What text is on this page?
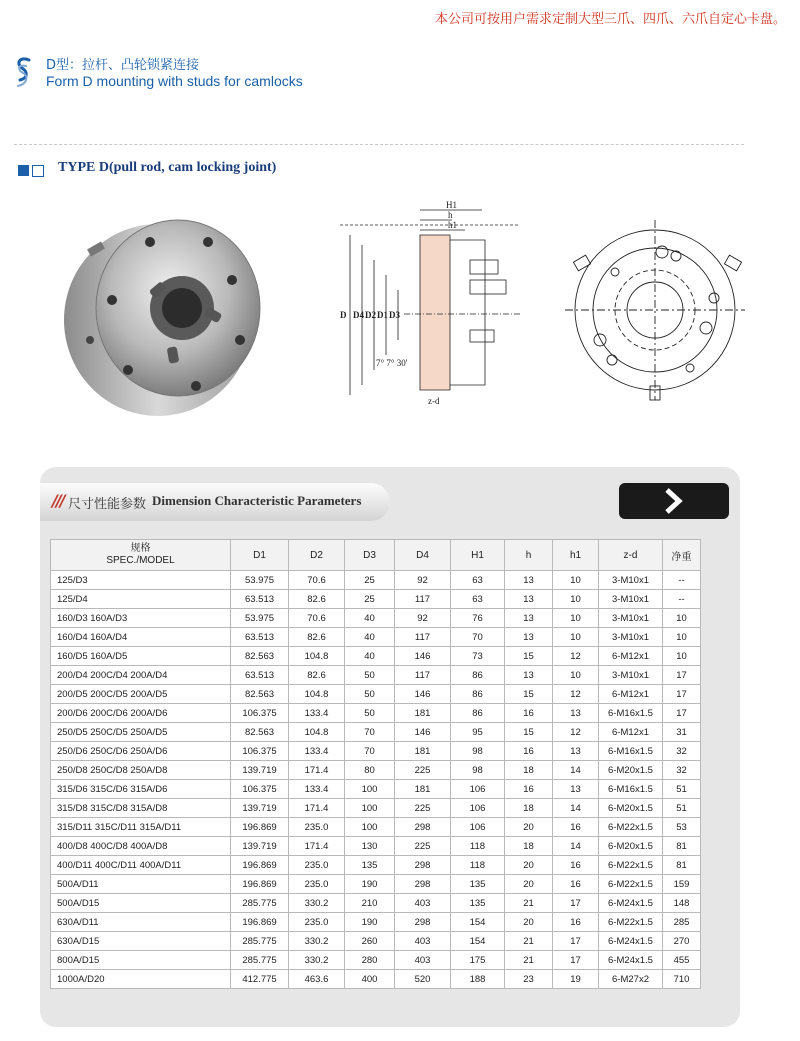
本公司可按用户需求定制大型三爪、四爪、六爪自定心卡盘。
D型：拉杆、凸轮锁紧连接
Form D mounting with studs for camlocks
TYPE D(pull rod, cam locking joint)
H1
h
h1
D D4 D2 D1 D3
7° 7° 30'
z-d
/// 尺寸性能参数 Dimension Characteristic Parameters
规格
SPEC./MODEL	D1	D2	D3	D4	H1	h	h1	z-d	净重
125/D3	53.975	70.6	25	92	63	13	10	3-M10x1	--
125/D4	63.513	82.6	25	117	63	13	10	3-M10x1	--
160/D3 160A/D3	53.975	70.6	40	92	76	13	10	3-M10x1	10
160/D4 160A/D4	63.513	82.6	40	117	70	13	10	3-M10x1	10
160/D5 160A/D5	82.563	104.8	40	146	73	15	12	6-M12x1	10
200/D4 200C/D4 200A/D4	63.513	82.6	50	117	86	13	10	3-M10x1	17
200/D5 200C/D5 200A/D5	82.563	104.8	50	146	86	15	12	6-M12x1	17
200/D6 200C/D6 200A/D6	106.375	133.4	50	181	86	16	13	6-M16x1.5	17
250/D5 250C/D5 250A/D5	82.563	104.8	70	146	95	15	12	6-M12x1	31
250/D6 250C/D6 250A/D6	106.375	133.4	70	181	98	16	13	6-M16x1.5	32
250/D8 250C/D8 250A/D8	139.719	171.4	80	225	98	18	14	6-M20x1.5	32
315/D6 315C/D6 315A/D6	106.375	133.4	100	181	106	16	13	6-M16x1.5	51
315/D8 315C/D8 315A/D8	139.719	171.4	100	225	106	18	14	6-M20x1.5	51
315/D11 315C/D11 315A/D11	196.869	235.0	100	298	106	20	16	6-M22x1.5	53
400/D8 400C/D8 400A/D8	139.719	171.4	130	225	118	18	14	6-M20x1.5	81
400/D11 400C/D11 400A/D11	196.869	235.0	135	298	118	20	16	6-M22x1.5	81
500A/D11	196.869	235.0	190	298	135	20	16	6-M22x1.5	159
500A/D15	285.775	330.2	210	403	135	21	17	6-M24x1.5	148
630A/D11	196.869	235.0	190	298	154	20	16	6-M22x1.5	285
630A/D15	285.775	330.2	260	403	154	21	17	6-M24x1.5	270
800A/D15	285.775	330.2	280	403	175	21	17	6-M24x1.5	455
1000A/D20	412.775	463.6	400	520	188	23	19	6-M27x2	710
